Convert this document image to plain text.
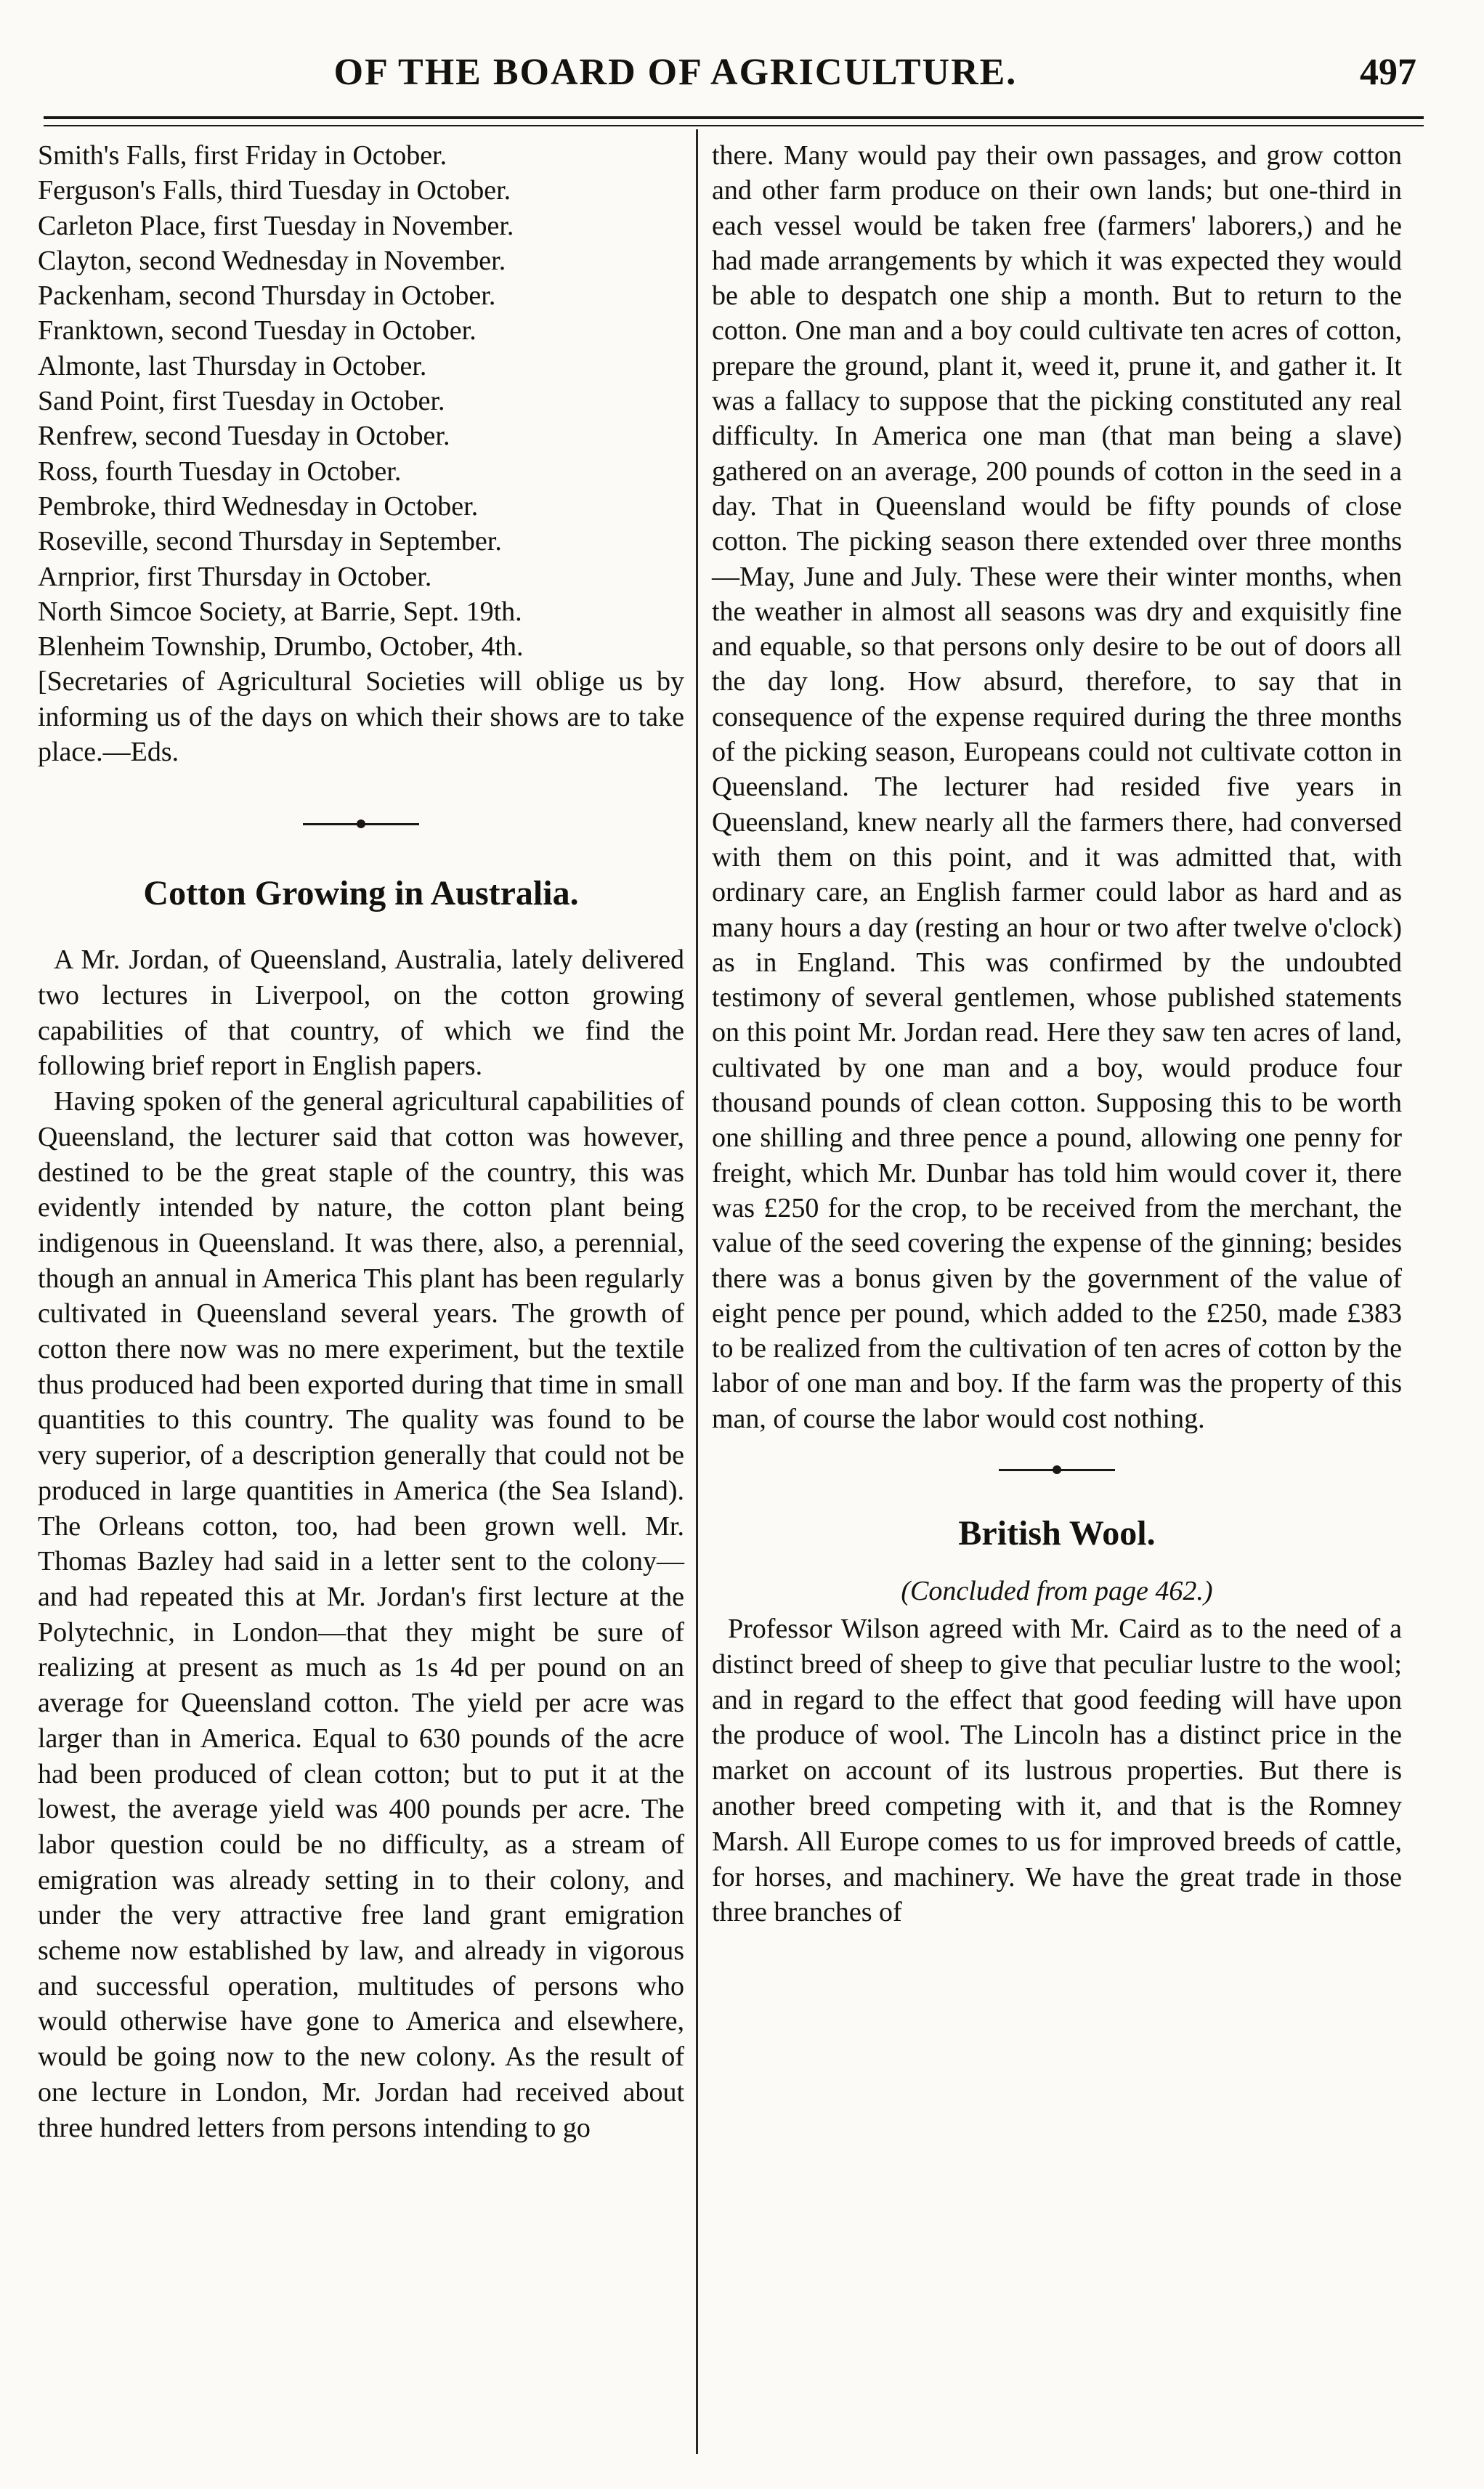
OF THE BOARD OF AGRICULTURE.	497
Smith's Falls, first Friday in October.
Ferguson's Falls, third Tuesday in October.
Carleton Place, first Tuesday in November.
Clayton, second Wednesday in November.
Packenham, second Thursday in October.
Franktown, second Tuesday in October.
Almonte, last Thursday in October.
Sand Point, first Tuesday in October.
Renfrew, second Tuesday in October.
Ross, fourth Tuesday in October.
Pembroke, third Wednesday in October.
Roseville, second Thursday in September.
Arnprior, first Thursday in October.
North Simcoe Society, at Barrie, Sept. 19th.
Blenheim Township, Drumbo, October, 4th.

[Secretaries of Agricultural Societies will oblige us by informing us of the days on which their shows are to take place.—Eds.

Cotton Growing in Australia.

A Mr. Jordan, of Queensland, Australia, lately delivered two lectures in Liverpool, on the cotton growing capabilities of that country, of which we find the following brief report in English papers.

Having spoken of the general agricultural capabilities of Queensland, the lecturer said that cotton was however, destined to be the great staple of the country, this was evidently intended by nature, the cotton plant being indigenous in Queensland. It was there, also, a perennial, though an annual in America This plant has been regularly cultivated in Queensland several years. The growth of cotton there now was no mere experiment, but the textile thus produced had been exported during that time in small quantities to this country. The quality was found to be very superior, of a description generally that could not be produced in large quantities in America (the Sea Island). The Orleans cotton, too, had been grown well. Mr. Thomas Bazley had said in a letter sent to the colony—and had repeated this at Mr. Jordan's first lecture at the Polytechnic, in London—that they might be sure of realizing at present as much as 1s 4d per pound on an average for Queensland cotton. The yield per acre was larger than in America. Equal to 630 pounds of the acre had been produced of clean cotton; but to put it at the lowest, the average yield was 400 pounds per acre. The labor question could be no difficulty, as a stream of emigration was already setting in to their colony, and under the very attractive free land grant emigration scheme now established by law, and already in vigorous and successful operation, multitudes of persons who would otherwise have gone to America and elsewhere, would be going now to the new colony. As the result of one lecture in London, Mr. Jordan had received about three hundred letters from persons intending to go

there. Many would pay their own passages, and grow cotton and other farm produce on their own lands; but one-third in each vessel would be taken free (farmers' laborers,) and he had made arrangements by which it was expected they would be able to despatch one ship a month. But to return to the cotton. One man and a boy could cultivate ten acres of cotton, prepare the ground, plant it, weed it, prune it, and gather it. It was a fallacy to suppose that the picking constituted any real difficulty. In America one man (that man being a slave) gathered on an average, 200 pounds of cotton in the seed in a day. That in Queensland would be fifty pounds of close cotton. The picking season there extended over three months—May, June and July. These were their winter months, when the weather in almost all seasons was dry and exquisitly fine and equable, so that persons only desire to be out of doors all the day long. How absurd, therefore, to say that in consequence of the expense required during the three months of the picking season, Europeans could not cultivate cotton in Queensland. The lecturer had resided five years in Queensland, knew nearly all the farmers there, had conversed with them on this point, and it was admitted that, with ordinary care, an English farmer could labor as hard and as many hours a day (resting an hour or two after twelve o'clock) as in England. This was confirmed by the undoubted testimony of several gentlemen, whose published statements on this point Mr. Jordan read. Here they saw ten acres of land, cultivated by one man and a boy, would produce four thousand pounds of clean cotton. Supposing this to be worth one shilling and three pence a pound, allowing one penny for freight, which Mr. Dunbar has told him would cover it, there was £250 for the crop, to be received from the merchant, the value of the seed covering the expense of the ginning; besides there was a bonus given by the government of the value of eight pence per pound, which added to the £250, made £383 to be realized from the cultivation of ten acres of cotton by the labor of one man and boy. If the farm was the property of this man, of course the labor would cost nothing.

British Wool.

(Concluded from page 462.)

Professor Wilson agreed with Mr. Caird as to the need of a distinct breed of sheep to give that peculiar lustre to the wool; and in regard to the effect that good feeding will have upon the produce of wool. The Lincoln has a distinct price in the market on account of its lustrous properties. But there is another breed competing with it, and that is the Romney Marsh. All Europe comes to us for improved breeds of cattle, for horses, and machinery. We have the great trade in those three branches of
